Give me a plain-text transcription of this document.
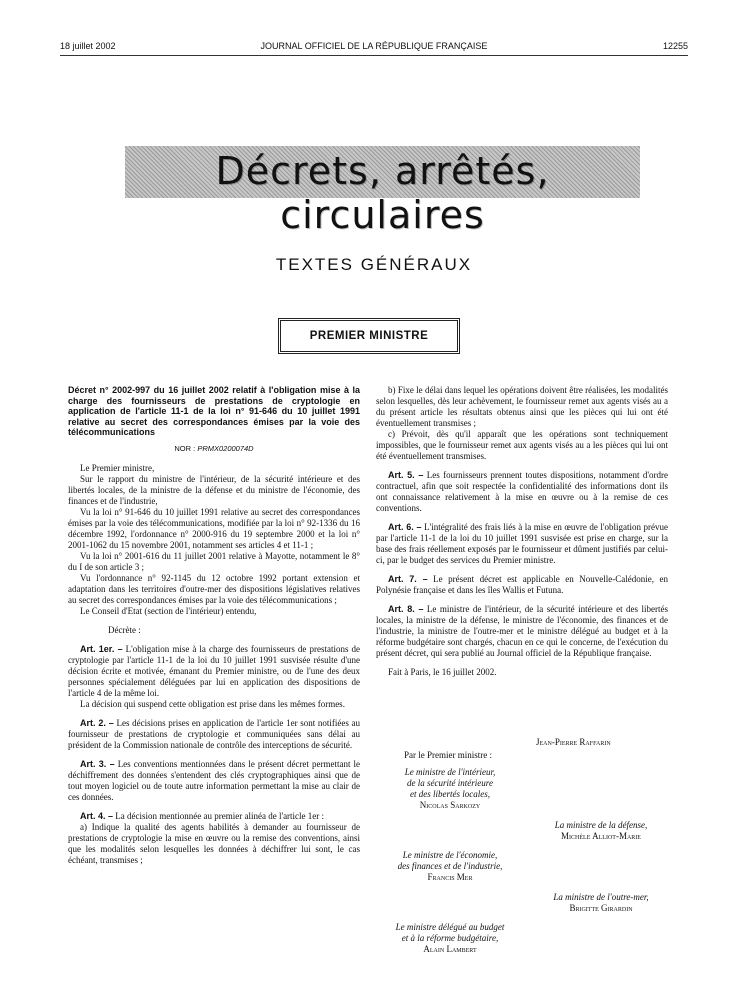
18 juillet 2002	JOURNAL OFFICIEL DE LA RÉPUBLIQUE FRANÇAISE	12255
Décrets, arrêtés, circulaires
TEXTES GÉNÉRAUX
PREMIER MINISTRE
Décret n° 2002-997 du 16 juillet 2002 relatif à l'obligation mise à la charge des fournisseurs de prestations de cryptologie en application de l'article 11-1 de la loi n° 91-646 du 10 juillet 1991 relative au secret des correspondances émises par la voie des télécommunications
NOR : PRMX0200074D

Le Premier ministre,

Sur le rapport du ministre de l'intérieur, de la sécurité intérieure et des libertés locales, de la ministre de la défense et du ministre de l'économie, des finances et de l'industrie,

Vu la loi n° 91-646 du 10 juillet 1991 relative au secret des correspondances émises par la voie des télécommunications, modifiée par la loi n° 92-1336 du 16 décembre 1992, l'ordonnance n° 2000-916 du 19 septembre 2000 et la loi n° 2001-1062 du 15 novembre 2001, notamment ses articles 4 et 11-1 ;

Vu la loi n° 2001-616 du 11 juillet 2001 relative à Mayotte, notamment le 8° du I de son article 3 ;

Vu l'ordonnance n° 92-1145 du 12 octobre 1992 portant extension et adaptation dans les territoires d'outre-mer des dispositions législatives relatives au secret des correspondances émises par la voie des télécommunications ;

Le Conseil d'Etat (section de l'intérieur) entendu,

Décrète :

Art. 1er. – L'obligation mise à la charge des fournisseurs de prestations de cryptologie par l'article 11-1 de la loi du 10 juillet 1991 susvisée résulte d'une décision écrite et motivée, émanant du Premier ministre, ou de l'une des deux personnes spécialement déléguées par lui en application des dispositions de l'article 4 de la même loi.

La décision qui suspend cette obligation est prise dans les mêmes formes.

Art. 2. – Les décisions prises en application de l'article 1er sont notifiées au fournisseur de prestations de cryptologie et communiquées sans délai au président de la Commission nationale de contrôle des interceptions de sécurité.

Art. 3. – Les conventions mentionnées dans le présent décret permettant le déchiffrement des données s'entendent des clés cryptographiques ainsi que de tout moyen logiciel ou de toute autre information permettant la mise au clair de ces données.

Art. 4. – La décision mentionnée au premier alinéa de l'article 1er :

a) Indique la qualité des agents habilités à demander au fournisseur de prestations de cryptologie la mise en œuvre ou la remise des conventions, ainsi que les modalités selon lesquelles les données à déchiffrer lui sont, le cas échéant, transmises ;

b) Fixe le délai dans lequel les opérations doivent être réalisées, les modalités selon lesquelles, dès leur achèvement, le fournisseur remet aux agents visés au a du présent article les résultats obtenus ainsi que les pièces qui lui ont été éventuellement transmises ;

c) Prévoit, dès qu'il apparaît que les opérations sont techniquement impossibles, que le fournisseur remet aux agents visés au a les pièces qui lui ont été éventuellement transmises.

Art. 5. – Les fournisseurs prennent toutes dispositions, notamment d'ordre contractuel, afin que soit respectée la confidentialité des informations dont ils ont connaissance relativement à la mise en œuvre ou à la remise de ces conventions.

Art. 6. – L'intégralité des frais liés à la mise en œuvre de l'obligation prévue par l'article 11-1 de la loi du 10 juillet 1991 susvisée est prise en charge, sur la base des frais réellement exposés par le fournisseur et dûment justifiés par celui-ci, par le budget des services du Premier ministre.

Art. 7. – Le présent décret est applicable en Nouvelle-Calédonie, en Polynésie française et dans les îles Wallis et Futuna.

Art. 8. – Le ministre de l'intérieur, de la sécurité intérieure et des libertés locales, la ministre de la défense, le ministre de l'économie, des finances et de l'industrie, la ministre de l'outre-mer et le ministre délégué au budget et à la réforme budgétaire sont chargés, chacun en ce qui le concerne, de l'exécution du présent décret, qui sera publié au Journal officiel de la République française.

Fait à Paris, le 16 juillet 2002.

Jean-Pierre Raffarin
Par le Premier ministre :
Le ministre de l'intérieur,
de la sécurité intérieure
et des libertés locales,
Nicolas Sarkozy
La ministre de la défense,
Michèle Alliot-Marie
Le ministre de l'économie,
des finances et de l'industrie,
Francis Mer
La ministre de l'outre-mer,
Brigitte Girardin
Le ministre délégué au budget
et à la réforme budgétaire,
Alain Lambert
